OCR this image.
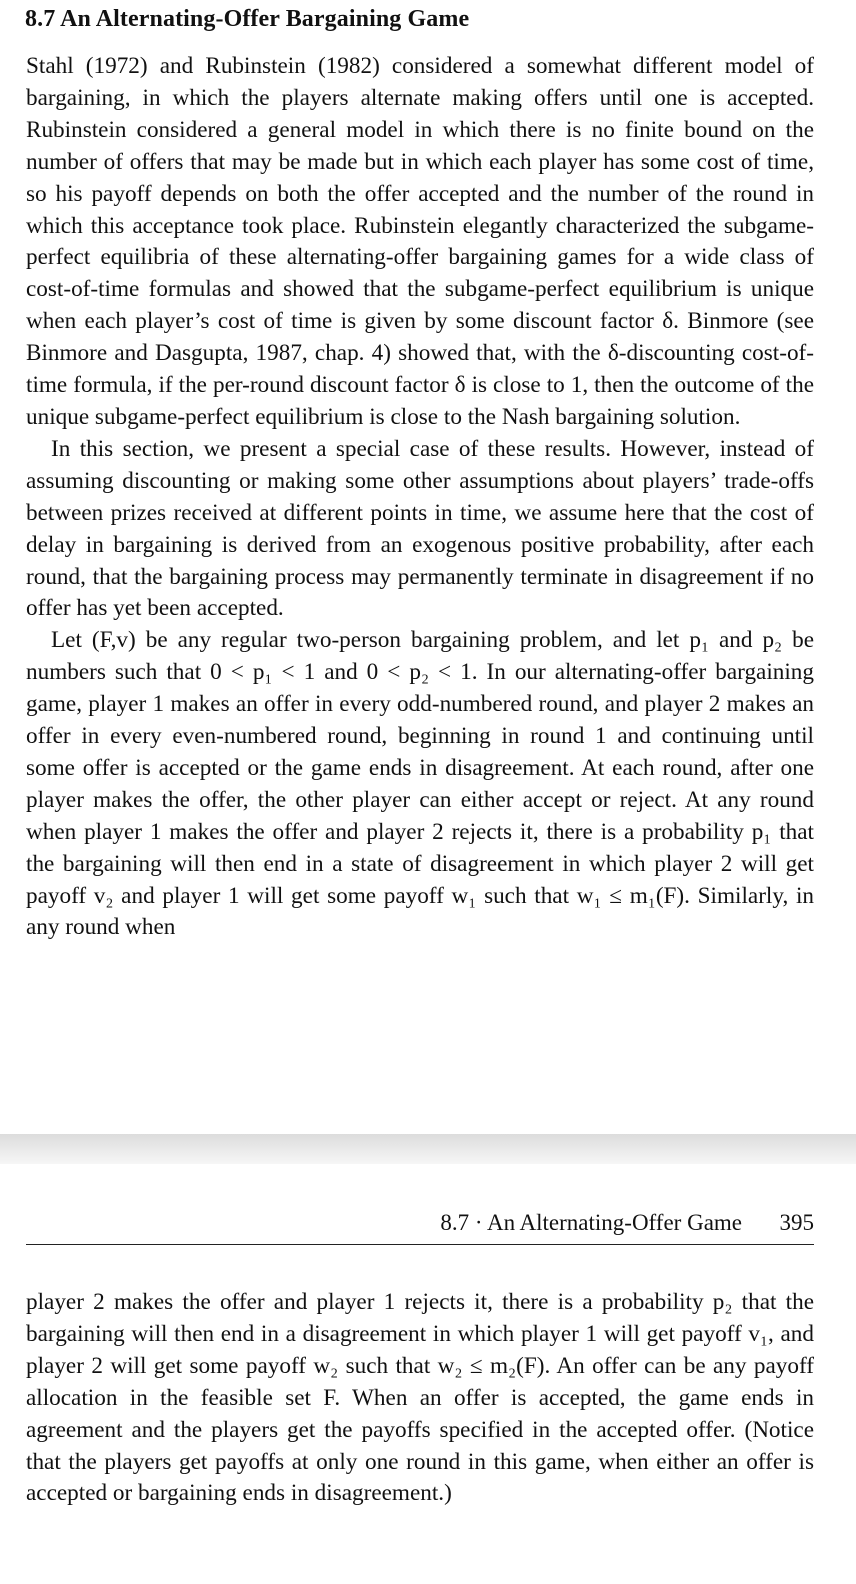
8.7 An Alternating-Offer Bargaining Game

Stahl (1972) and Rubinstein (1982) considered a somewhat different model of bargaining, in which the players alternate making offers until one is accepted. Rubinstein considered a general model in which there is no finite bound on the number of offers that may be made but in which each player has some cost of time, so his payoff depends on both the offer accepted and the number of the round in which this acceptance took place. Rubinstein elegantly characterized the subgame-perfect equilibria of these alternating-offer bargaining games for a wide class of cost-of-time formulas and showed that the subgame-perfect equilibrium is unique when each player’s cost of time is given by some discount factor δ. Binmore (see Binmore and Dasgupta, 1987, chap. 4) showed that, with the δ-discounting cost-of-time formula, if the per-round discount factor δ is close to 1, then the outcome of the unique subgame-perfect equilibrium is close to the Nash bargaining solution.

In this section, we present a special case of these results. However, instead of assuming discounting or making some other assumptions about players’ trade-offs between prizes received at different points in time, we assume here that the cost of delay in bargaining is derived from an exogenous positive probability, after each round, that the bargaining process may permanently terminate in disagreement if no offer has yet been accepted.

Let (F,v) be any regular two-person bargaining problem, and let p₁ and p₂ be numbers such that 0 < p₁ < 1 and 0 < p₂ < 1. In our alternating-offer bargaining game, player 1 makes an offer in every odd-numbered round, and player 2 makes an offer in every even-numbered round, beginning in round 1 and continuing until some offer is accepted or the game ends in disagreement. At each round, after one player makes the offer, the other player can either accept or reject. At any round when player 1 makes the offer and player 2 rejects it, there is a probability p₁ that the bargaining will then end in a state of disagreement in which player 2 will get payoff v₂ and player 1 will get some payoff w₁ such that w₁ ≤ m₁(F). Similarly, in any round when

8.7 · An Alternating-Offer Game 395

player 2 makes the offer and player 1 rejects it, there is a probability p₂ that the bargaining will then end in a disagreement in which player 1 will get payoff v₁, and player 2 will get some payoff w₂ such that w₂ ≤ m₂(F). An offer can be any payoff allocation in the feasible set F. When an offer is accepted, the game ends in agreement and the players get the payoffs specified in the accepted offer. (Notice that the players get payoffs at only one round in this game, when either an offer is accepted or bargaining ends in disagreement.)
